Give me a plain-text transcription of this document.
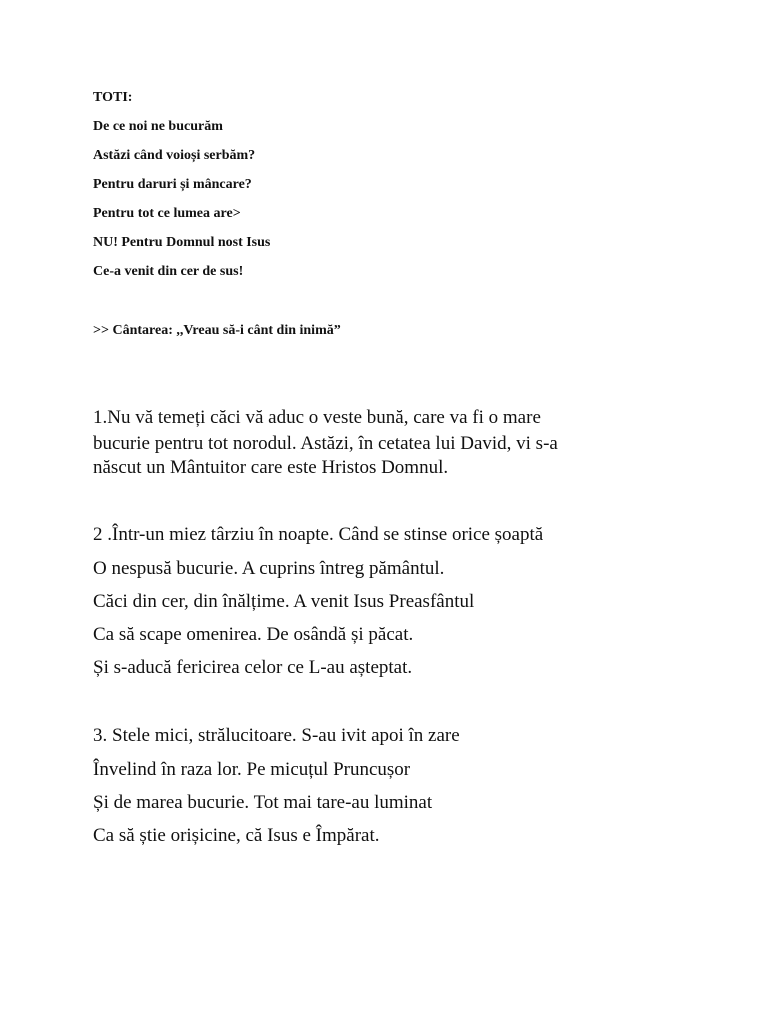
TOTI:
De ce noi ne bucurăm
Astăzi când voioși serbăm?
Pentru daruri și mâncare?
Pentru tot ce lumea are>
NU! Pentru Domnul nost Isus
Ce-a venit din cer de sus!
>> Cântarea: ,,Vreau să-i cânt din inimă”
1.Nu vă temeți căci vă aduc o veste bună, care va fi o mare
bucurie pentru tot norodul. Astăzi, în cetatea lui David, vi s-a
născut un Mântuitor care este Hristos Domnul.
2 .Într-un miez târziu în noapte. Când se stinse orice șoaptă
O nespusă bucurie. A cuprins întreg pământul.
Căci din cer, din înălțime. A venit Isus Preasfântul
Ca să scape omenirea. De osândă și păcat.
Și s-aducă fericirea celor ce L-au așteptat.
3. Stele mici, strălucitoare. S-au ivit apoi în zare
Învelind în raza lor. Pe micuțul Pruncușor
Și de marea bucurie. Tot mai tare-au luminat
Ca să știe orișicine, că Isus e Împărat.
